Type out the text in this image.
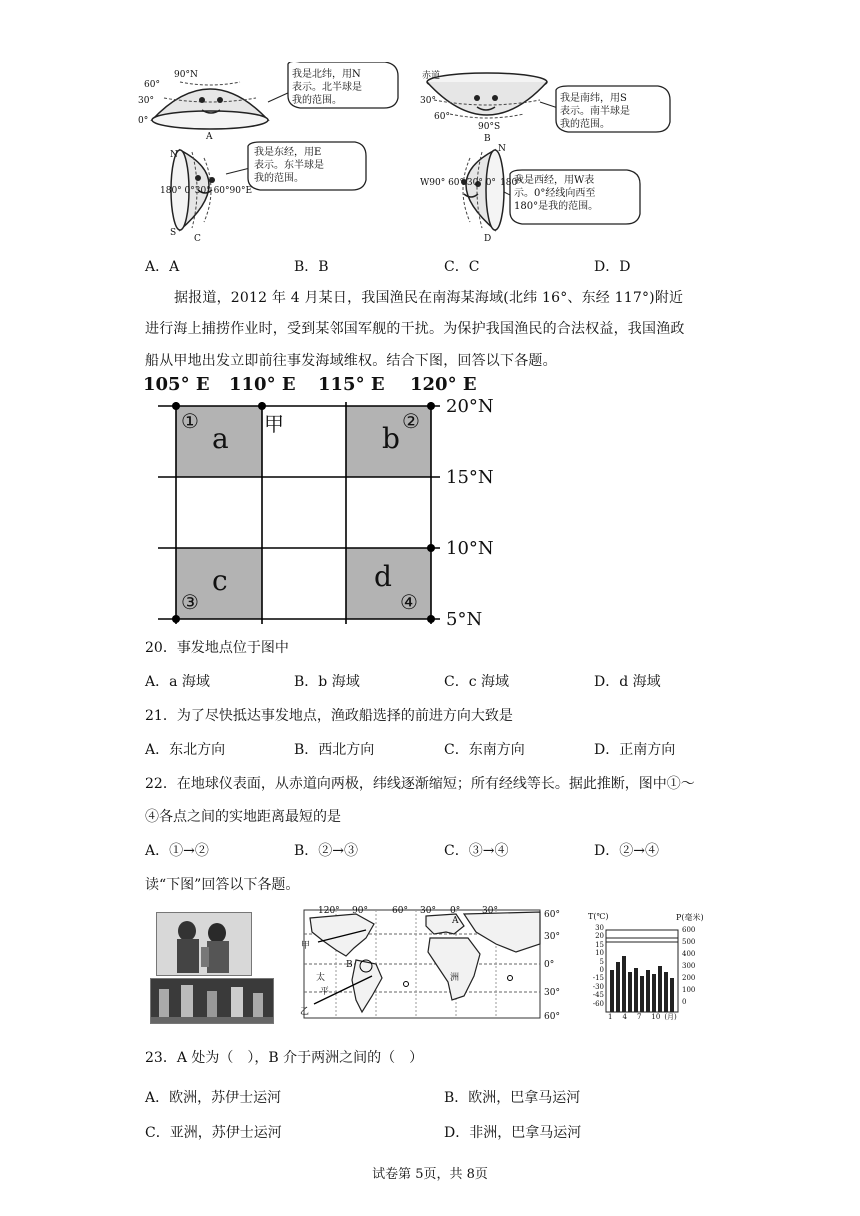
90°N
60°
30°
0°
A
我是北纬，用N
表示。北半球是
我的范围。
赤道
30°
60°
90°S
B
我是南纬，用S
表示。南半球是
我的范围。
N
180° 0°30° 60°90°E
S
C
我是东经，用E
表示。东半球是
我的范围。
N
W90° 60° 30° 0° 180°
D
我是西经，用W表
示。0°经线向西至
180°是我的范围。
A．A	B．B	C．C	D．D
据报道，2012 年 4 月某日，我国渔民在南海某海域(北纬 16°、东经 117°)附近
进行海上捕捞作业时，受到某邻国军舰的干扰。为保护我国渔民的合法权益，我国渔政
船从甲地出发立即前往事发海域维权。结合下图，回答以下各题。
105° E 110° E 115° E 120° E
20°N
15°N
10°N
5°N
a	b
c	d
①	②
③	④
甲
20．事发地点位于图中
A．a 海域	B．b 海域	C．c 海域	D．d 海域
21．为了尽快抵达事发地点，渔政船选择的前进方向大致是
A．东北方向	B．西北方向	C．东南方向	D．正南方向
22．在地球仪表面，从赤道向两极，纬线逐渐缩短；所有经线等长。据此推断，图中①～
④各点之间的实地距离最短的是
A．①→②	B．②→③	C．③→④	D．②→④
读“下图”回答以下各题。
120° 90°	60° 30° 0° 30°	60°
30°
0°
30°
60°
甲
乙
太
平
洲
A
B
T(℃)	P(毫米)
30
20
15
10
5
0
-15
-30
-45
-60
600
500
400
300
200
100
0
1 4 7 10 (月)
23．A 处为（　），B 介于两洲之间的（　）
A．欧洲，苏伊士运河	B．欧洲，巴拿马运河
C．亚洲，苏伊士运河	D．非洲，巴拿马运河
试卷第 5页，共 8页
